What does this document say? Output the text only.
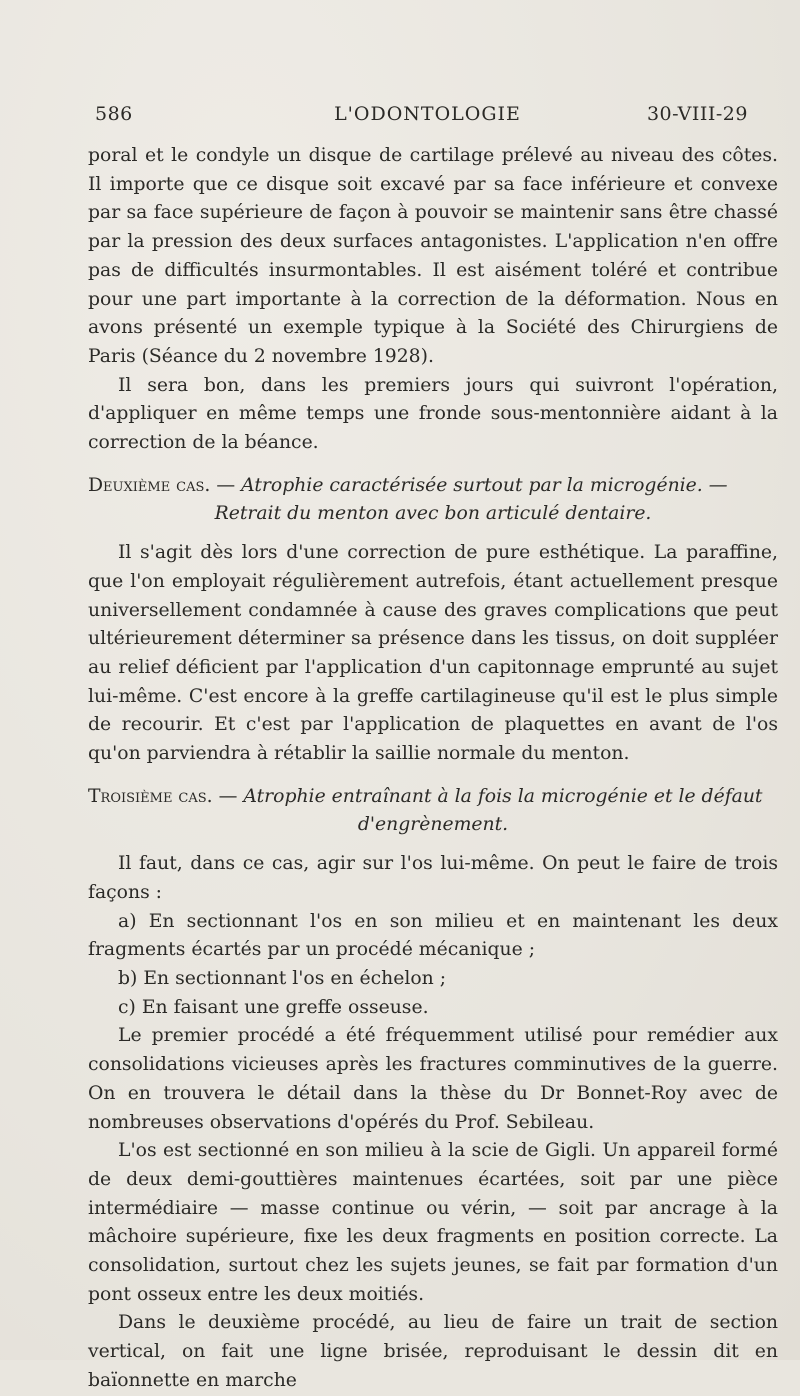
586	L'ODONTOLOGIE	30-VIII-29

poral et le condyle un disque de cartilage prélevé au niveau des côtes. Il importe que ce disque soit excavé par sa face inférieure et convexe par sa face supérieure de façon à pouvoir se maintenir sans être chassé par la pression des deux surfaces antagonistes. L'application n'en offre pas de difficultés insurmontables. Il est aisément toléré et contribue pour une part importante à la correction de la déformation. Nous en avons présenté un exemple typique à la Société des Chirurgiens de Paris (Séance du 2 novembre 1928).

Il sera bon, dans les premiers jours qui suivront l'opération, d'appliquer en même temps une fronde sous-mentonnière aidant à la correction de la béance.

Deuxième cas. — Atrophie caractérisée surtout par la microgénie. —
Retrait du menton avec bon articulé dentaire.

Il s'agit dès lors d'une correction de pure esthétique. La paraffine, que l'on employait régulièrement autrefois, étant actuellement presque universellement condamnée à cause des graves complications que peut ultérieurement déterminer sa présence dans les tissus, on doit suppléer au relief déficient par l'application d'un capitonnage emprunté au sujet lui-même. C'est encore à la greffe cartilagineuse qu'il est le plus simple de recourir. Et c'est par l'application de plaquettes en avant de l'os qu'on parviendra à rétablir la saillie normale du menton.

Troisième cas. — Atrophie entraînant à la fois la microgénie et le défaut
d'engrènement.

Il faut, dans ce cas, agir sur l'os lui-même. On peut le faire de trois façons :

a) En sectionnant l'os en son milieu et en maintenant les deux fragments écartés par un procédé mécanique ;

b) En sectionnant l'os en échelon ;

c) En faisant une greffe osseuse.

Le premier procédé a été fréquemment utilisé pour remédier aux consolidations vicieuses après les fractures comminutives de la guerre. On en trouvera le détail dans la thèse du Dr Bonnet-Roy avec de nombreuses observations d'opérés du Prof. Sebileau.

L'os est sectionné en son milieu à la scie de Gigli. Un appareil formé de deux demi-gouttières maintenues écartées, soit par une pièce intermédiaire — masse continue ou vérin, — soit par ancrage à la mâchoire supérieure, fixe les deux fragments en position correcte. La consolidation, surtout chez les sujets jeunes, se fait par formation d'un pont osseux entre les deux moitiés.

Dans le deuxième procédé, au lieu de faire un trait de section vertical, on fait une ligne brisée, reproduisant le dessin dit en baïonnette en marche
